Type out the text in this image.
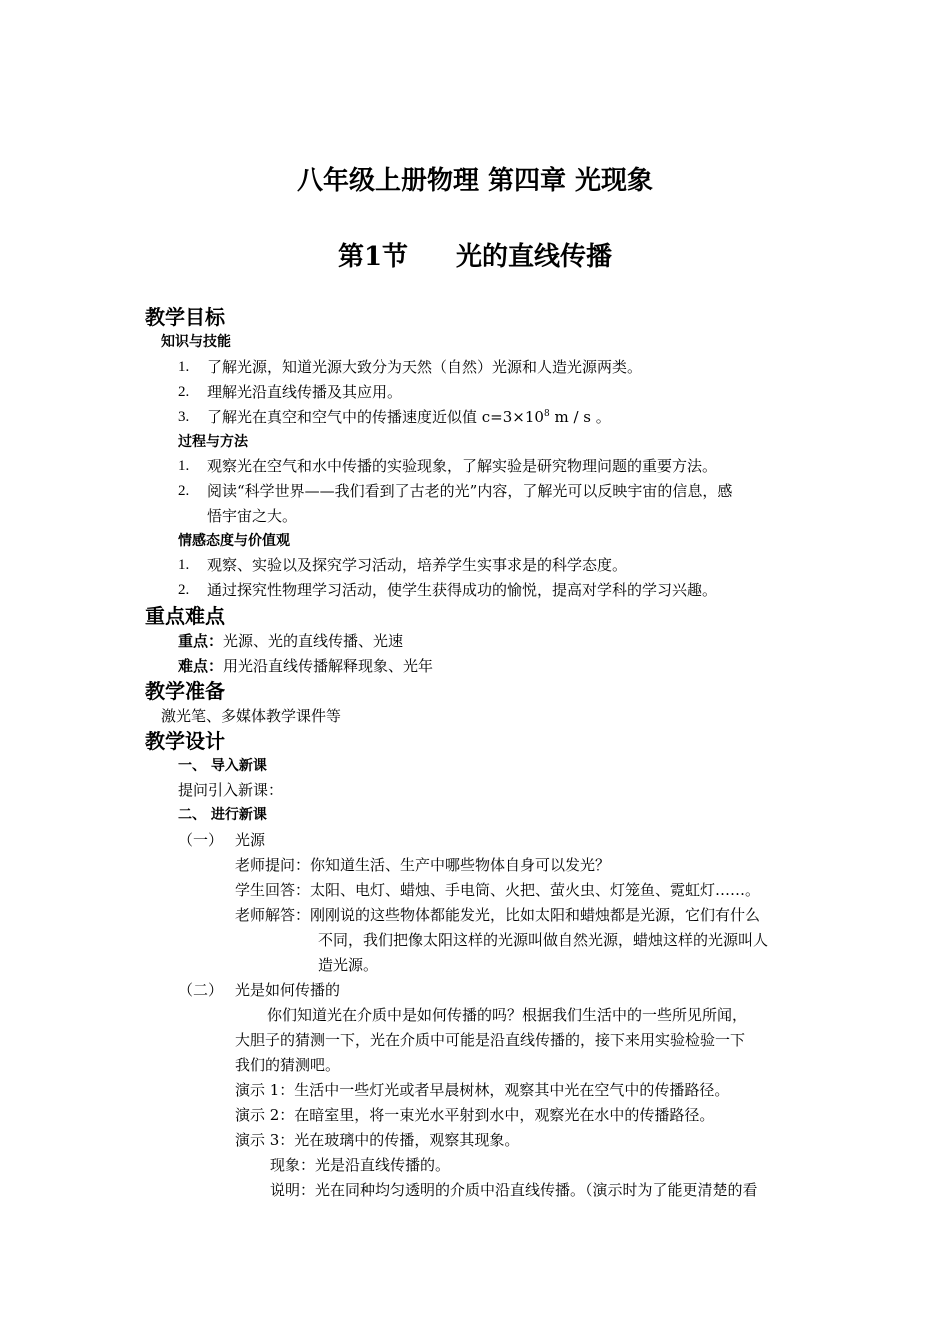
八年级上册物理 第四章 光现象
第1节 光的直线传播
教学目标
知识与技能
1. 了解光源，知道光源大致分为天然（自然）光源和人造光源两类。
2. 理解光沿直线传播及其应用。
3. 了解光在真空和空气中的传播速度近似值 $c=3\times 10^8$ m / s 。
过程与方法
1. 观察光在空气和水中传播的实验现象，了解实验是研究物理问题的重要方法。
2. 阅读“科学世界——我们看到了古老的光”内容，了解光可以反映宇宙的信息，感
悟宇宙之大。
情感态度与价值观
1. 观察、实验以及探究学习活动，培养学生实事求是的科学态度。
2. 通过探究性物理学习活动，使学生获得成功的愉悦，提高对学科的学习兴趣。
重点难点
重点：光源、光的直线传播、光速
难点：用光沿直线传播解释现象、光年
教学准备
激光笔、多媒体教学课件等
教学设计
一、 导入新课
提问引入新课：
二、 进行新课
（一） 光源
老师提问：你知道生活、生产中哪些物体自身可以发光？
学生回答：太阳、电灯、蜡烛、手电筒、火把、萤火虫、灯笼鱼、霓虹灯……。
老师解答：刚刚说的这些物体都能发光，比如太阳和蜡烛都是光源，它们有什么
不同，我们把像太阳这样的光源叫做自然光源，蜡烛这样的光源叫人
造光源。
（二） 光是如何传播的
你们知道光在介质中是如何传播的吗？根据我们生活中的一些所见所闻，
大胆子的猜测一下，光在介质中可能是沿直线传播的，接下来用实验检验一下
我们的猜测吧。
演示 1：生活中一些灯光或者早晨树林，观察其中光在空气中的传播路径。
演示 2：在暗室里，将一束光水平射到水中，观察光在水中的传播路径。
演示 3：光在玻璃中的传播，观察其现象。
现象：光是沿直线传播的。
说明：光在同种均匀透明的介质中沿直线传播。（演示时为了能更清楚的看
